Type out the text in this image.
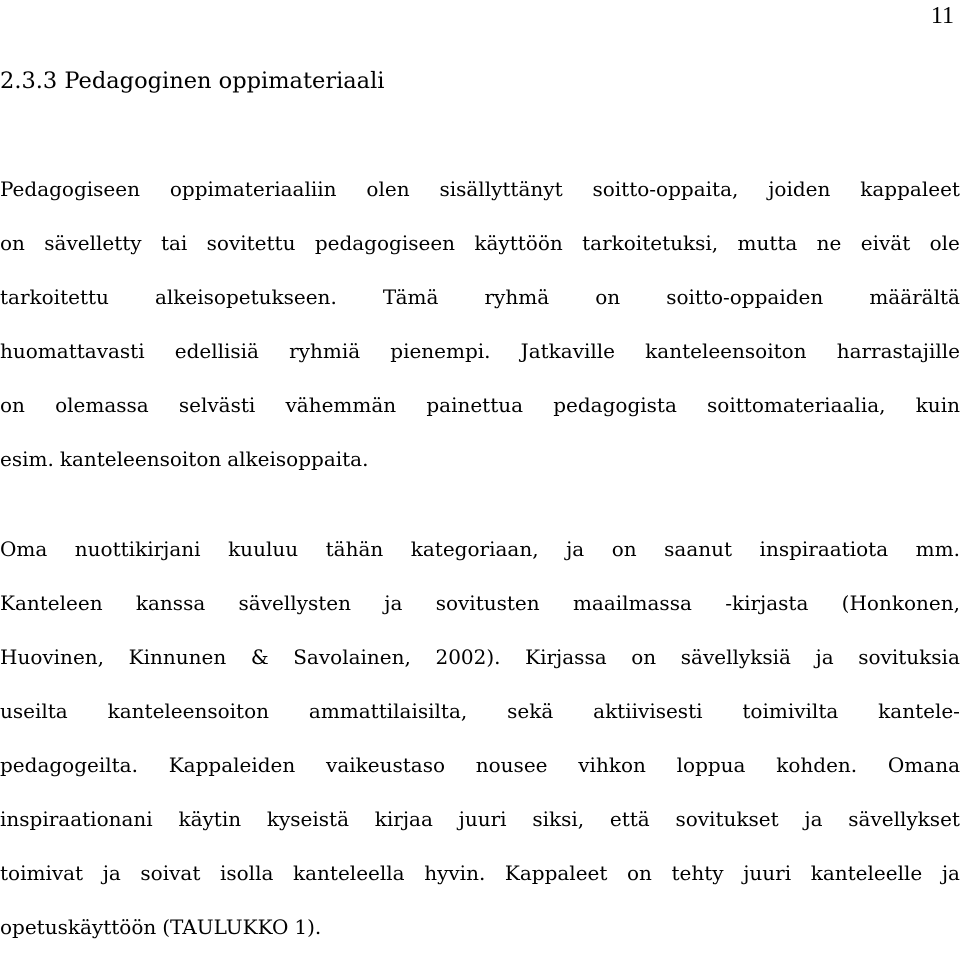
11
2.3.3 Pedagoginen oppimateriaali
Pedagogiseen oppimateriaaliin olen sisällyttänyt soitto-oppaita, joiden kappaleet
on sävelletty tai sovitettu pedagogiseen käyttöön tarkoitetuksi, mutta ne eivät ole
tarkoitettu alkeisopetukseen. Tämä ryhmä on soitto-oppaiden määrältä
huomattavasti edellisiä ryhmiä pienempi. Jatkaville kanteleensoiton harrastajille
on olemassa selvästi vähemmän painettua pedagogista soittomateriaalia, kuin
esim. kanteleensoiton alkeisoppaita.
Oma nuottikirjani kuuluu tähän kategoriaan, ja on saanut inspiraatiota mm.
Kanteleen kanssa sävellysten ja sovitusten maailmassa -kirjasta (Honkonen,
Huovinen, Kinnunen & Savolainen, 2002). Kirjassa on sävellyksiä ja sovituksia
useilta kanteleensoiton ammattilaisilta, sekä aktiivisesti toimivilta kantele-
pedagogeilta. Kappaleiden vaikeustaso nousee vihkon loppua kohden. Omana
inspiraationani käytin kyseistä kirjaa juuri siksi, että sovitukset ja sävellykset
toimivat ja soivat isolla kanteleella hyvin. Kappaleet on tehty juuri kanteleelle ja
opetuskäyttöön (TAULUKKO 1).
